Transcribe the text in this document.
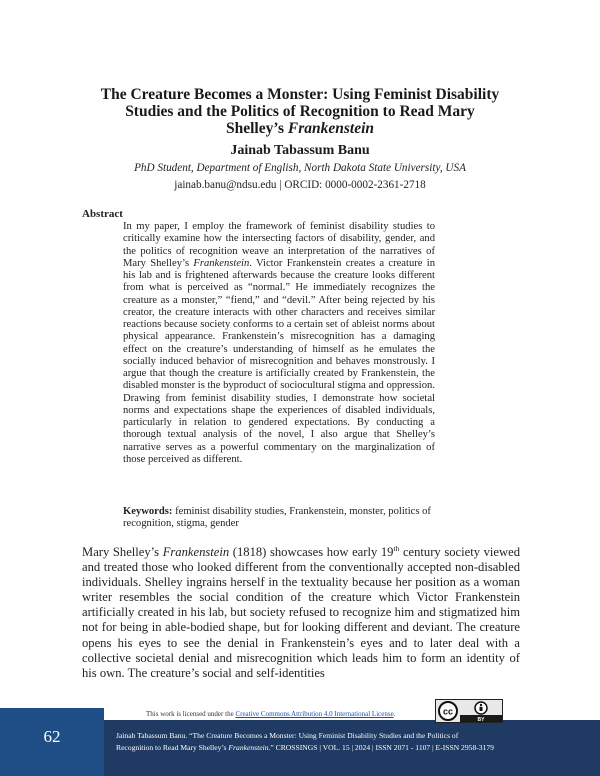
The Creature Becomes a Monster: Using Feminist Disability
Studies and the Politics of Recognition to Read Mary
Shelley’s Frankenstein
Jainab Tabassum Banu
PhD Student, Department of English, North Dakota State University, USA
jainab.banu@ndsu.edu | ORCID: 0000-0002-2361-2718
Abstract
In my paper, I employ the framework of feminist disability studies to critically examine how the intersecting factors of disability, gender, and the politics of recognition weave an interpretation of the narratives of Mary Shelley’s Frankenstein. Victor Frankenstein creates a creature in his lab and is frightened afterwards because the creature looks different from what is perceived as “normal.” He immediately recognizes the creature as a monster,” “fiend,” and “devil.” After being rejected by his creator, the creature interacts with other characters and receives similar reactions because society conforms to a certain set of ableist norms about physical appearance. Frankenstein’s misrecognition has a damaging effect on the creature’s understanding of himself as he emulates the socially induced behavior of misrecognition and behaves monstrously. I argue that though the creature is artificially created by Frankenstein, the disabled monster is the byproduct of sociocultural stigma and oppression. Drawing from feminist disability studies, I demonstrate how societal norms and expectations shape the experiences of disabled individuals, particularly in relation to gendered expectations. By conducting a thorough textual analysis of the novel, I also argue that Shelley’s narrative serves as a powerful commentary on the marginalization of those perceived as different.
Keywords: feminist disability studies, Frankenstein, monster, politics of recognition, stigma, gender
Mary Shelley’s Frankenstein (1818) showcases how early 19th century society viewed and treated those who looked different from the conventionally accepted non-disabled individuals. Shelley ingrains herself in the textuality because her position as a woman writer resembles the social condition of the creature which Victor Frankenstein artificially created in his lab, but society refused to recognize him and stigmatized him not for being in able-bodied shape, but for looking different and deviant. The creature opens his eyes to see the denial in Frankenstein’s eyes and to later deal with a collective societal denial and misrecognition which leads him to form an identity of his own. The creature’s social and self-identities
62
This work is licensed under the Creative Commons Attribution 4.0 International License.	cc
BY
Jainab Tabassum Banu. “The Creature Becomes a Monster: Using Feminist Disability Studies and the Politics of
Recognition to Read Mary Shelley’s Frankenstein.” CROSSINGS | VOL. 15 | 2024 | ISSN 2071 - 1107 | E-ISSN 2958-3179
